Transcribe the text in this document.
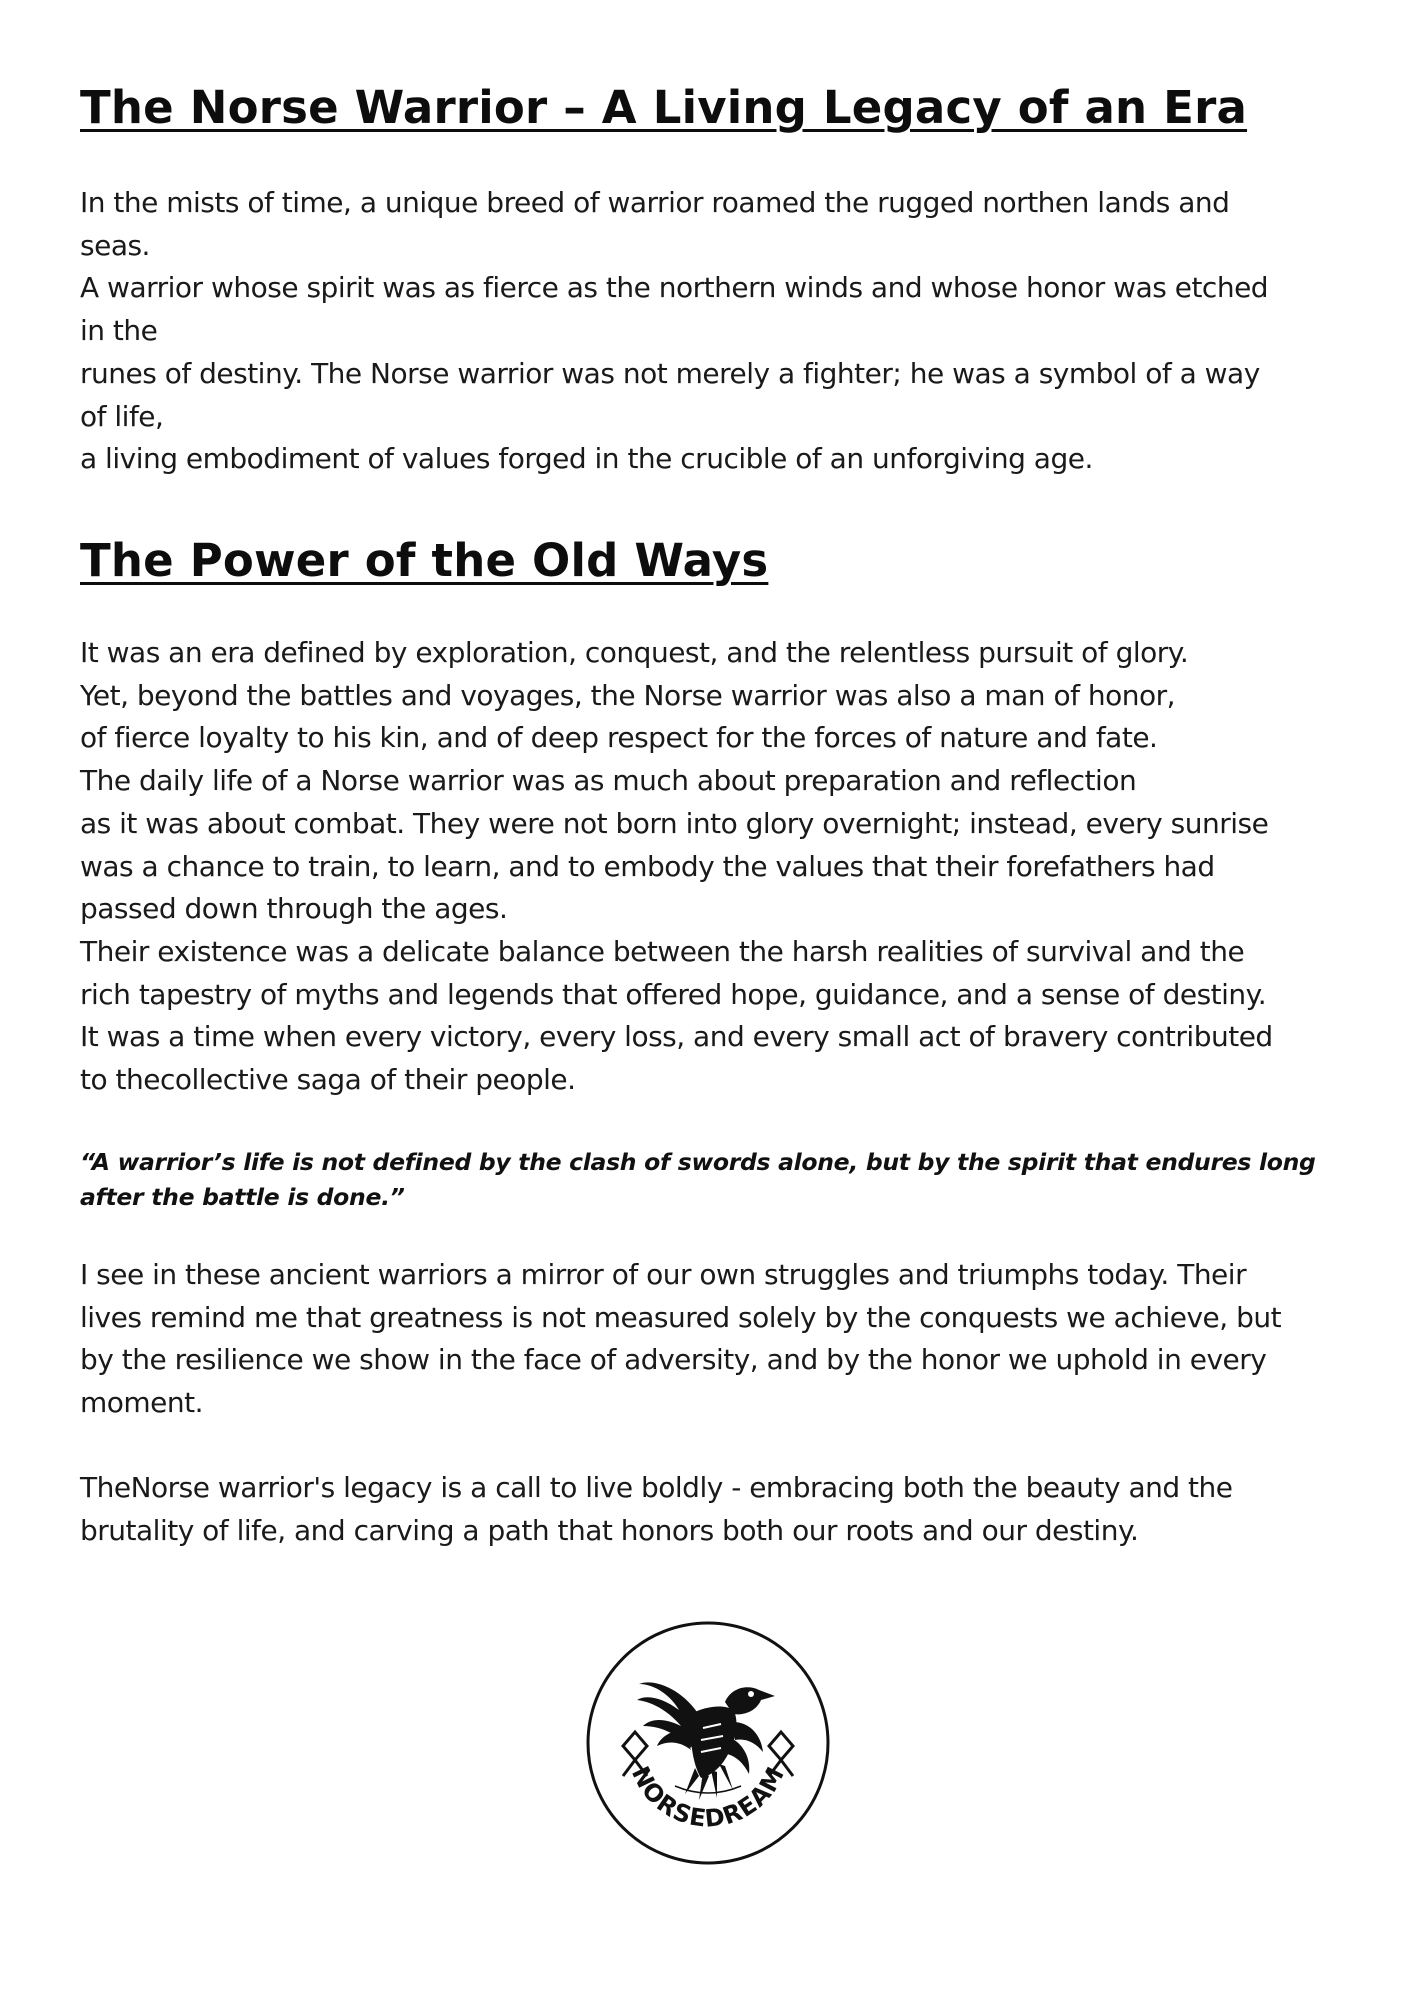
The Norse Warrior – A Living Legacy of an Era

In the mists of time, a unique breed of warrior roamed the rugged northen lands and
seas.
A warrior whose spirit was as fierce as the northern winds and whose honor was etched
in the
runes of destiny. The Norse warrior was not merely a fighter; he was a symbol of a way
of life,
a living embodiment of values forged in the crucible of an unforgiving age.

The Power of the Old Ways

It was an era defined by exploration, conquest, and the relentless pursuit of glory.
Yet, beyond the battles and voyages, the Norse warrior was also a man of honor,
of fierce loyalty to his kin, and of deep respect for the forces of nature and fate.
The daily life of a Norse warrior was as much about preparation and reflection
as it was about combat. They were not born into glory overnight; instead, every sunrise
was a chance to train, to learn, and to embody the values that their forefathers had
passed down through the ages.
Their existence was a delicate balance between the harsh realities of survival and the
rich tapestry of myths and legends that offered hope, guidance, and a sense of destiny.
It was a time when every victory, every loss, and every small act of bravery contributed
to thecollective saga of their people.

“A warrior’s life is not defined by the clash of swords alone, but by the spirit that endures long
after the battle is done.”

I see in these ancient warriors a mirror of our own struggles and triumphs today. Their
lives remind me that greatness is not measured solely by the conquests we achieve, but
by the resilience we show in the face of adversity, and by the honor we uphold in every
moment.

TheNorse warrior's legacy is a call to live boldly - embracing both the beauty and the
brutality of life, and carving a path that honors both our roots and our destiny.

NORSEDREAM
